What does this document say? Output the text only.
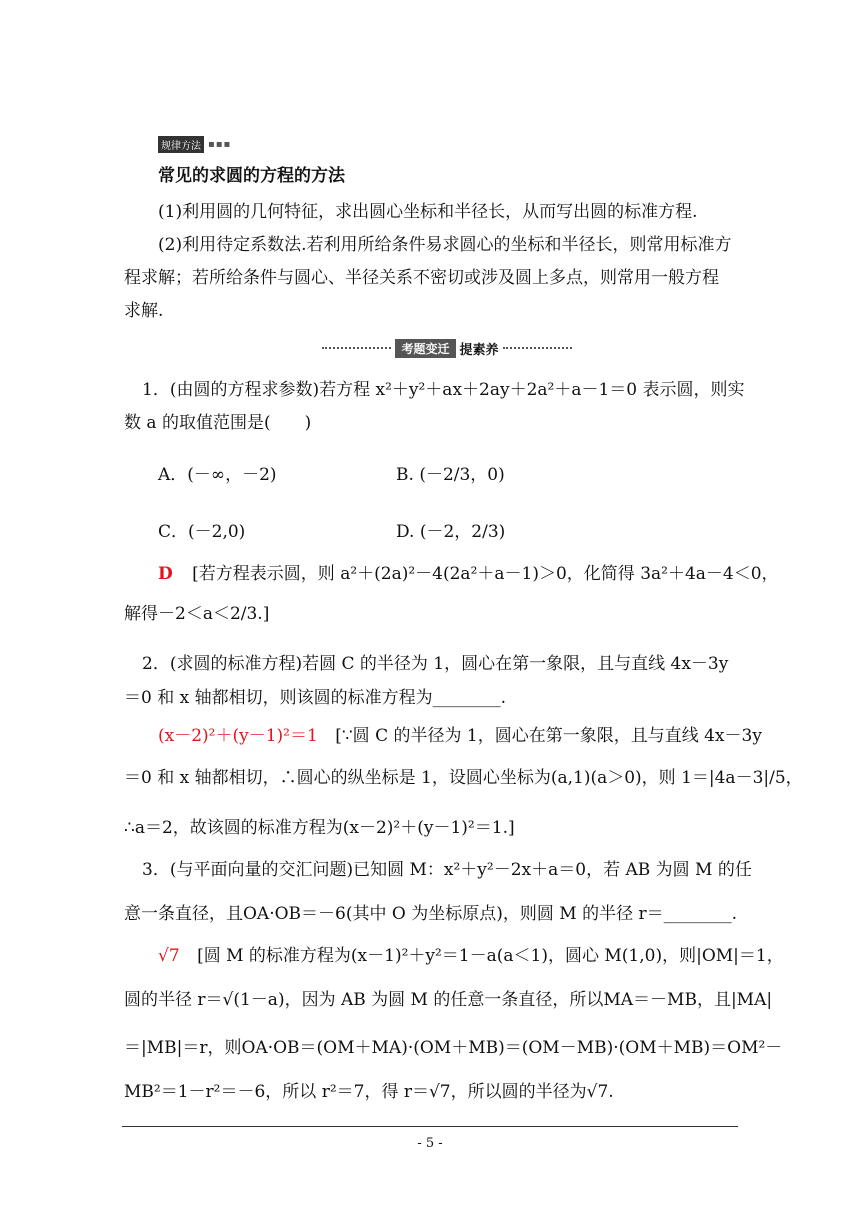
规律方法 ▪▪▪
常见的求圆的方程的方法
(1)利用圆的几何特征，求出圆心坐标和半径长，从而写出圆的标准方程.
(2)利用待定系数法.若利用所给条件易求圆心的坐标和半径长，则常用标准方
程求解；若所给条件与圆心、半径关系不密切或涉及圆上多点，则常用一般方程
求解.
考题变迁 提素养
1．(由圆的方程求参数)若方程 x²＋y²＋ax＋2ay＋2a²＋a－1＝0 表示圆，则实
数 a 的取值范围是(　　)
A．(－∞，－2)	B. (－2/3，0)
C．(－2,0)	D. (－2，2/3)
D [若方程表示圆，则 a²＋(2a)²－4(2a²＋a－1)＞0，化简得 3a²＋4a－4＜0，
解得－2＜a＜2/3.]
2．(求圆的标准方程)若圆 C 的半径为 1，圆心在第一象限，且与直线 4x－3y
＝0 和 x 轴都相切，则该圆的标准方程为________.
(x－2)²＋(y－1)²＝1 [∵圆 C 的半径为 1，圆心在第一象限，且与直线 4x－3y
＝0 和 x 轴都相切，∴圆心的纵坐标是 1，设圆心坐标为(a,1)(a＞0)，则 1＝|4a－3|/5，
∴a＝2，故该圆的标准方程为(x－2)²＋(y－1)²＝1.]
3．(与平面向量的交汇问题)已知圆 M：x²＋y²－2x＋a＝0，若 AB 为圆 M 的任
意一条直径，且OA·OB＝－6(其中 O 为坐标原点)，则圆 M 的半径 r＝________.
√7 [圆 M 的标准方程为(x－1)²＋y²＝1－a(a＜1)，圆心 M(1,0)，则|OM|＝1，
圆的半径 r＝√(1－a)，因为 AB 为圆 M 的任意一条直径，所以MA＝－MB，且|MA|
＝|MB|＝r，则OA·OB＝(OM＋MA)·(OM＋MB)＝(OM－MB)·(OM＋MB)＝OM²－
MB²＝1－r²＝－6，所以 r²＝7，得 r＝√7，所以圆的半径为√7.
- 5 -
